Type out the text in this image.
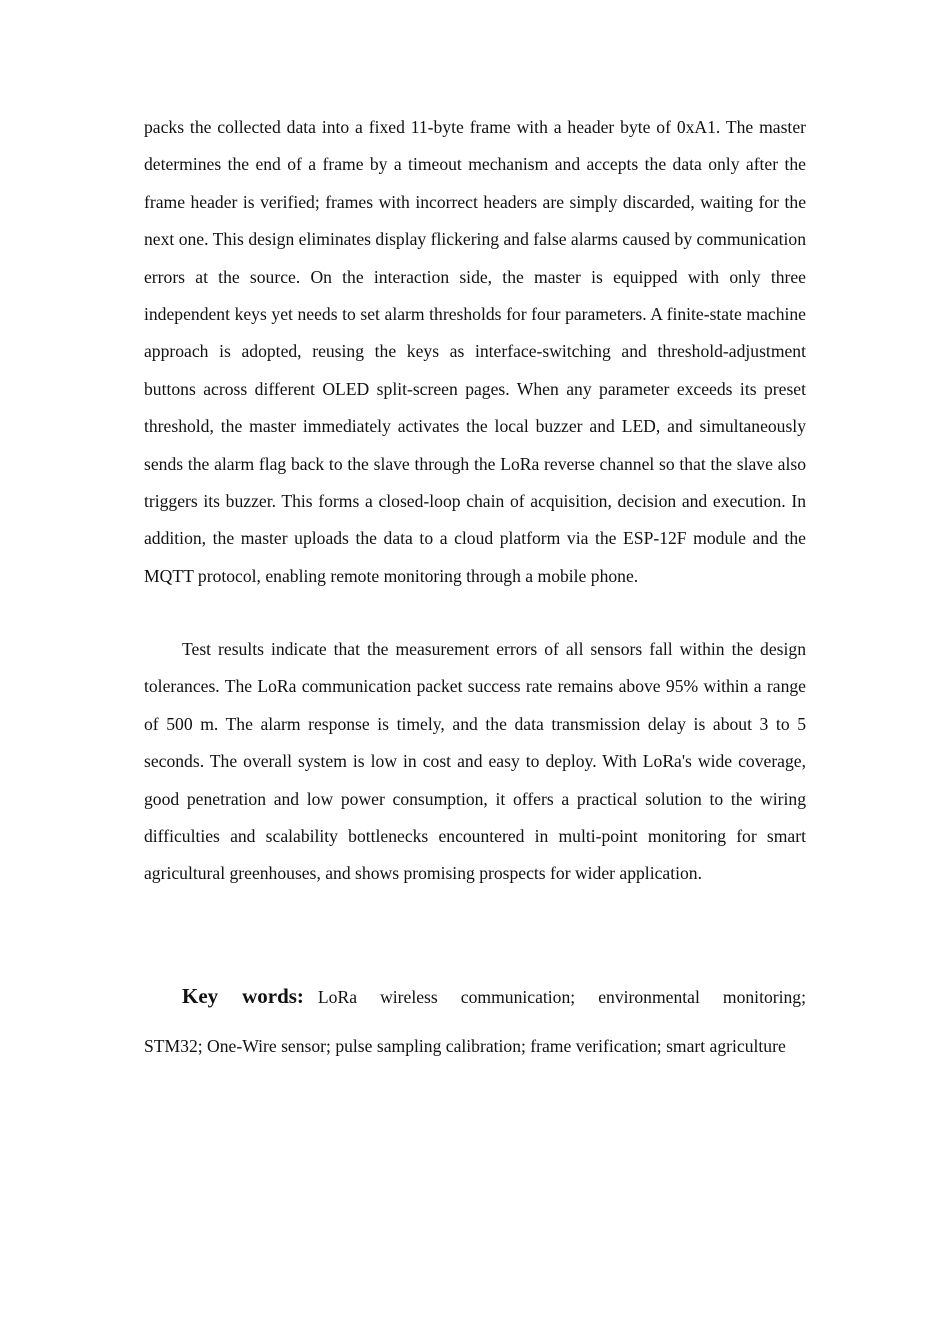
packs the collected data into a fixed 11-byte frame with a header byte of 0xA1. The master determines the end of a frame by a timeout mechanism and accepts the data only after the frame header is verified; frames with incorrect headers are simply discarded, waiting for the next one. This design eliminates display flickering and false alarms caused by communication errors at the source. On the interaction side, the master is equipped with only three independent keys yet needs to set alarm thresholds for four parameters. A finite-state machine approach is adopted, reusing the keys as interface-switching and threshold-adjustment buttons across different OLED split-screen pages. When any parameter exceeds its preset threshold, the master immediately activates the local buzzer and LED, and simultaneously sends the alarm flag back to the slave through the LoRa reverse channel so that the slave also triggers its buzzer. This forms a closed-loop chain of acquisition, decision and execution. In addition, the master uploads the data to a cloud platform via the ESP-12F module and the MQTT protocol, enabling remote monitoring through a mobile phone.

Test results indicate that the measurement errors of all sensors fall within the design tolerances. The LoRa communication packet success rate remains above 95% within a range of 500 m. The alarm response is timely, and the data transmission delay is about 3 to 5 seconds. The overall system is low in cost and easy to deploy. With LoRa's wide coverage, good penetration and low power consumption, it offers a practical solution to the wiring difficulties and scalability bottlenecks encountered in multi-point monitoring for smart agricultural greenhouses, and shows promising prospects for wider application.

Key words: LoRa wireless communication; environmental monitoring;
STM32; One-Wire sensor; pulse sampling calibration; frame verification; smart agriculture
